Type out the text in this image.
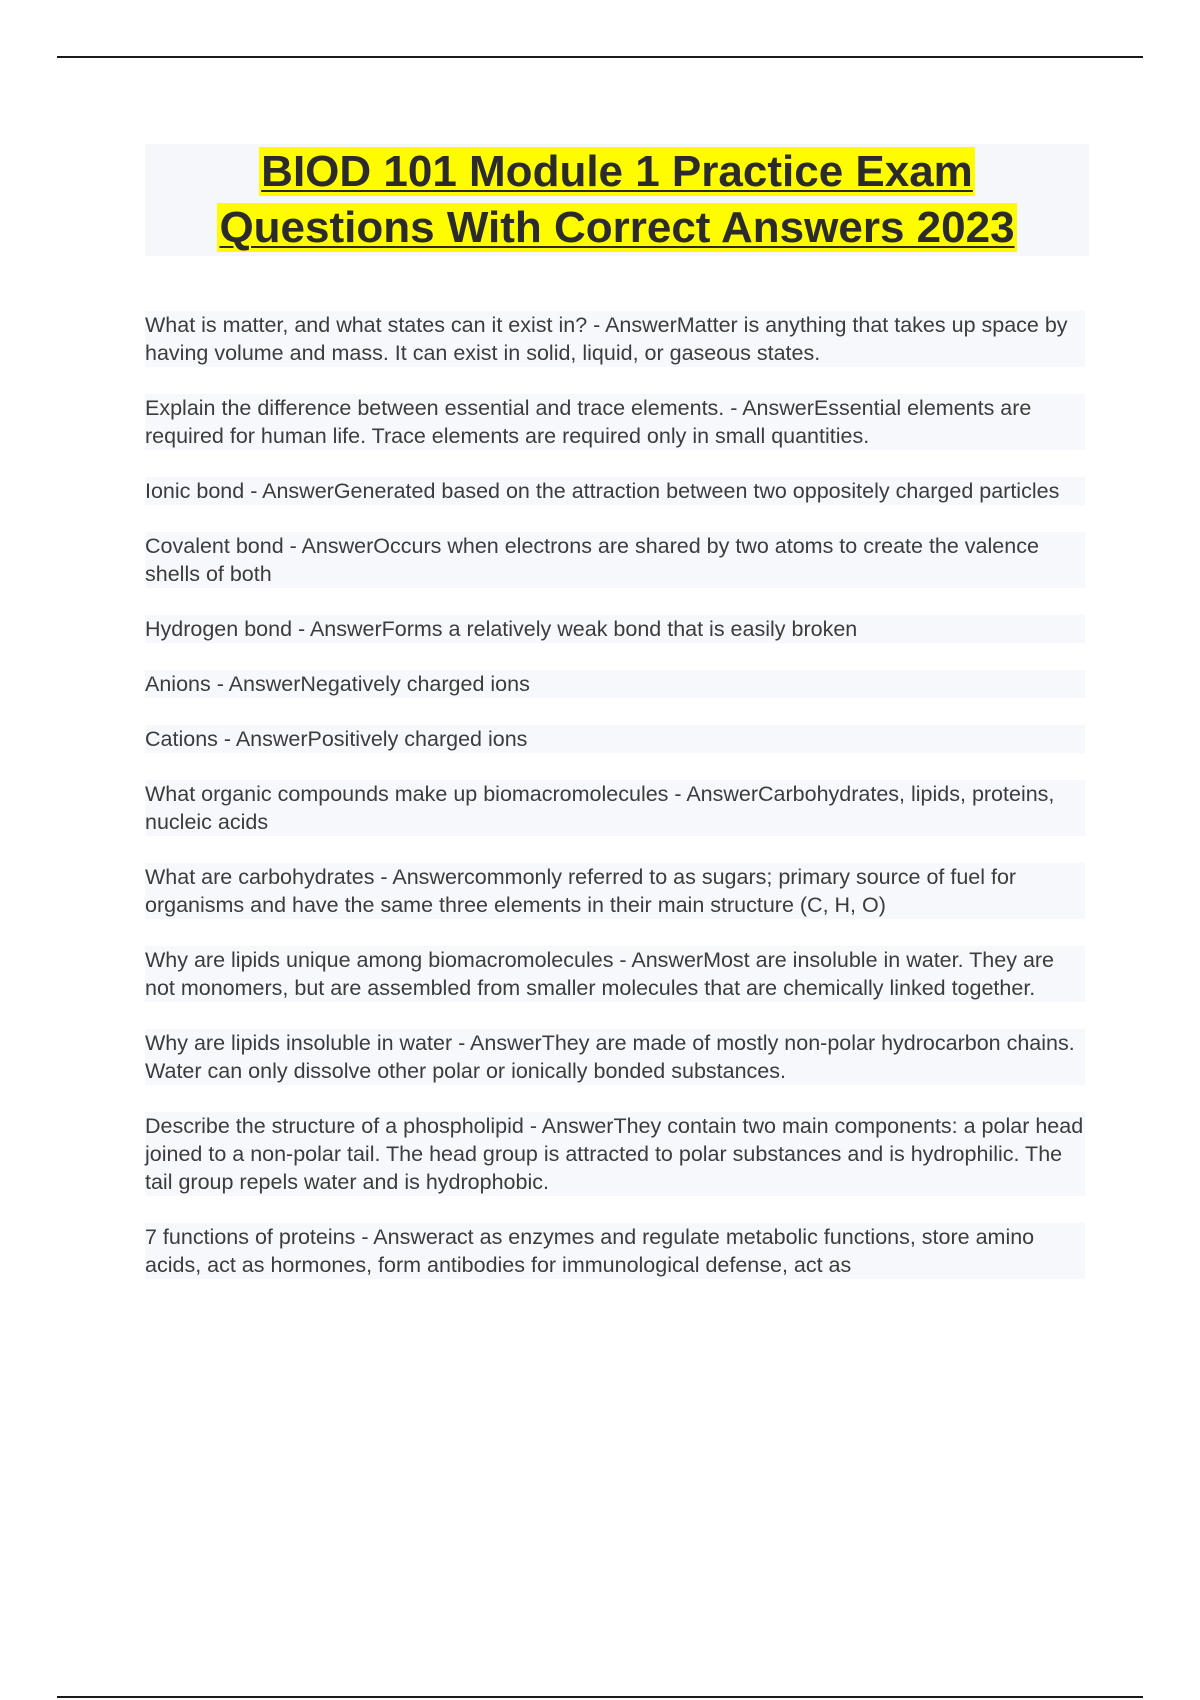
BIOD 101 Module 1 Practice Exam

Questions With Correct Answers 2023

What is matter, and what states can it exist in? - AnswerMatter is anything that takes up space by having volume and mass. It can exist in solid, liquid, or gaseous states.

Explain the difference between essential and trace elements. - AnswerEssential elements are required for human life. Trace elements are required only in small quantities.

Ionic bond - AnswerGenerated based on the attraction between two oppositely charged particles

Covalent bond - AnswerOccurs when electrons are shared by two atoms to create the valence shells of both

Hydrogen bond - AnswerForms a relatively weak bond that is easily broken

Anions - AnswerNegatively charged ions

Cations - AnswerPositively charged ions

What organic compounds make up biomacromolecules - AnswerCarbohydrates, lipids, proteins, nucleic acids

What are carbohydrates - Answercommonly referred to as sugars; primary source of fuel for organisms and have the same three elements in their main structure (C, H, O)

Why are lipids unique among biomacromolecules - AnswerMost are insoluble in water. They are not monomers, but are assembled from smaller molecules that are chemically linked together.

Why are lipids insoluble in water - AnswerThey are made of mostly non-polar hydrocarbon chains. Water can only dissolve other polar or ionically bonded substances.

Describe the structure of a phospholipid - AnswerThey contain two main components: a polar head joined to a non-polar tail. The head group is attracted to polar substances and is hydrophilic. The tail group repels water and is hydrophobic.

7 functions of proteins - Answeract as enzymes and regulate metabolic functions, store amino acids, act as hormones, form antibodies for immunological defense, act as
